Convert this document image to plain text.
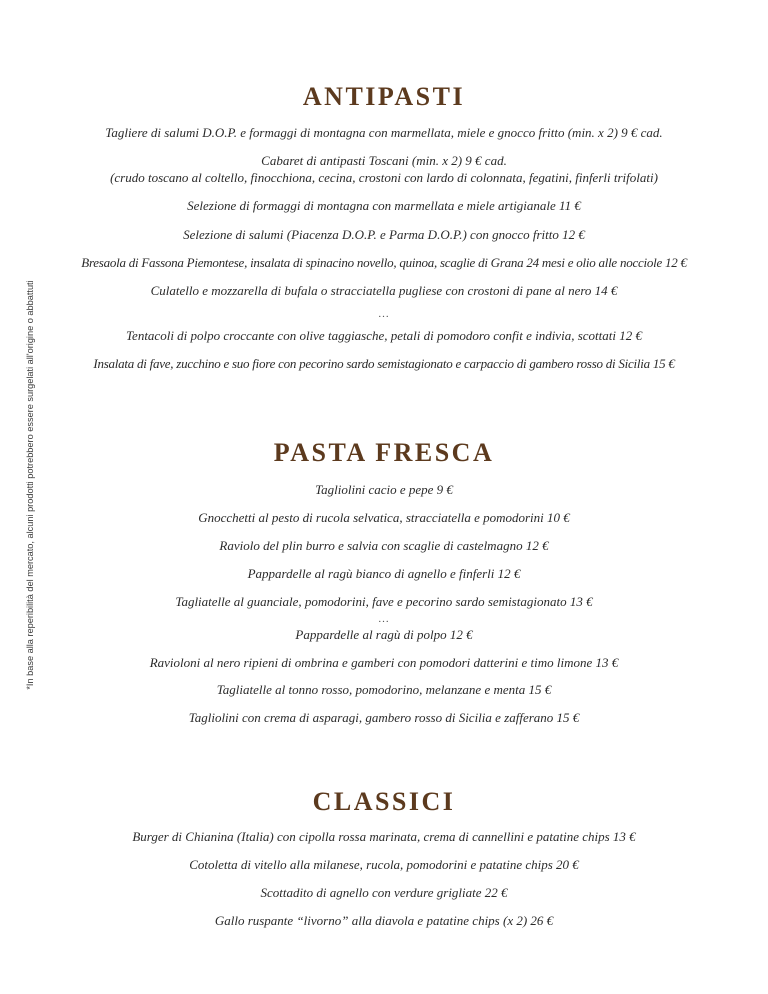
*In base alla reperibilità del mercato, alcuni prodotti potrebbero essere surgelati all'origine o abbattuti
ANTIPASTI
Tagliere di salumi D.O.P. e formaggi di montagna con marmellata, miele e gnocco fritto (min. x 2) 9 € cad.
Cabaret di antipasti Toscani (min. x 2) 9 € cad.
(crudo toscano al coltello, finocchiona, cecina, crostoni con lardo di colonnata, fegatini, finferli trifolati)
Selezione di formaggi di montagna con marmellata e miele artigianale 11 €
Selezione di salumi (Piacenza D.O.P. e Parma D.O.P.) con gnocco fritto 12 €
Bresaola di Fassona Piemontese, insalata di spinacino novello, quinoa, scaglie di Grana 24 mesi e olio alle nocciole 12 €
Culatello e mozzarella di bufala o stracciatella pugliese con crostoni di pane al nero 14 €
...
Tentacoli di polpo croccante con olive taggiasche, petali di pomodoro confit e indivia, scottati 12 €
Insalata di fave, zucchino e suo fiore con pecorino sardo semistagionato e carpaccio di gambero rosso di Sicilia 15 €
PASTA FRESCA
Tagliolini cacio e pepe 9 €
Gnocchetti al pesto di rucola selvatica, stracciatella e pomodorini 10 €
Raviolo del plin burro e salvia con scaglie di castelmagno 12 €
Pappardelle al ragù bianco di agnello e finferli 12 €
Tagliatelle al guanciale, pomodorini, fave e pecorino sardo semistagionato 13 €
...
Pappardelle al ragù di polpo 12 €
Ravioloni al nero ripieni di ombrina e gamberi con pomodori datterini e timo limone 13 €
Tagliatelle al tonno rosso, pomodorino, melanzane e menta 15 €
Tagliolini con crema di asparagi, gambero rosso di Sicilia e zafferano 15 €
CLASSICI
Burger di Chianina (Italia) con cipolla rossa marinata, crema di cannellini e patatine chips 13 €
Cotoletta di vitello alla milanese, rucola, pomodorini e patatine chips 20 €
Scottadito di agnello con verdure grigliate 22 €
Gallo ruspante “livorno” alla diavola e patatine chips (x 2) 26 €
